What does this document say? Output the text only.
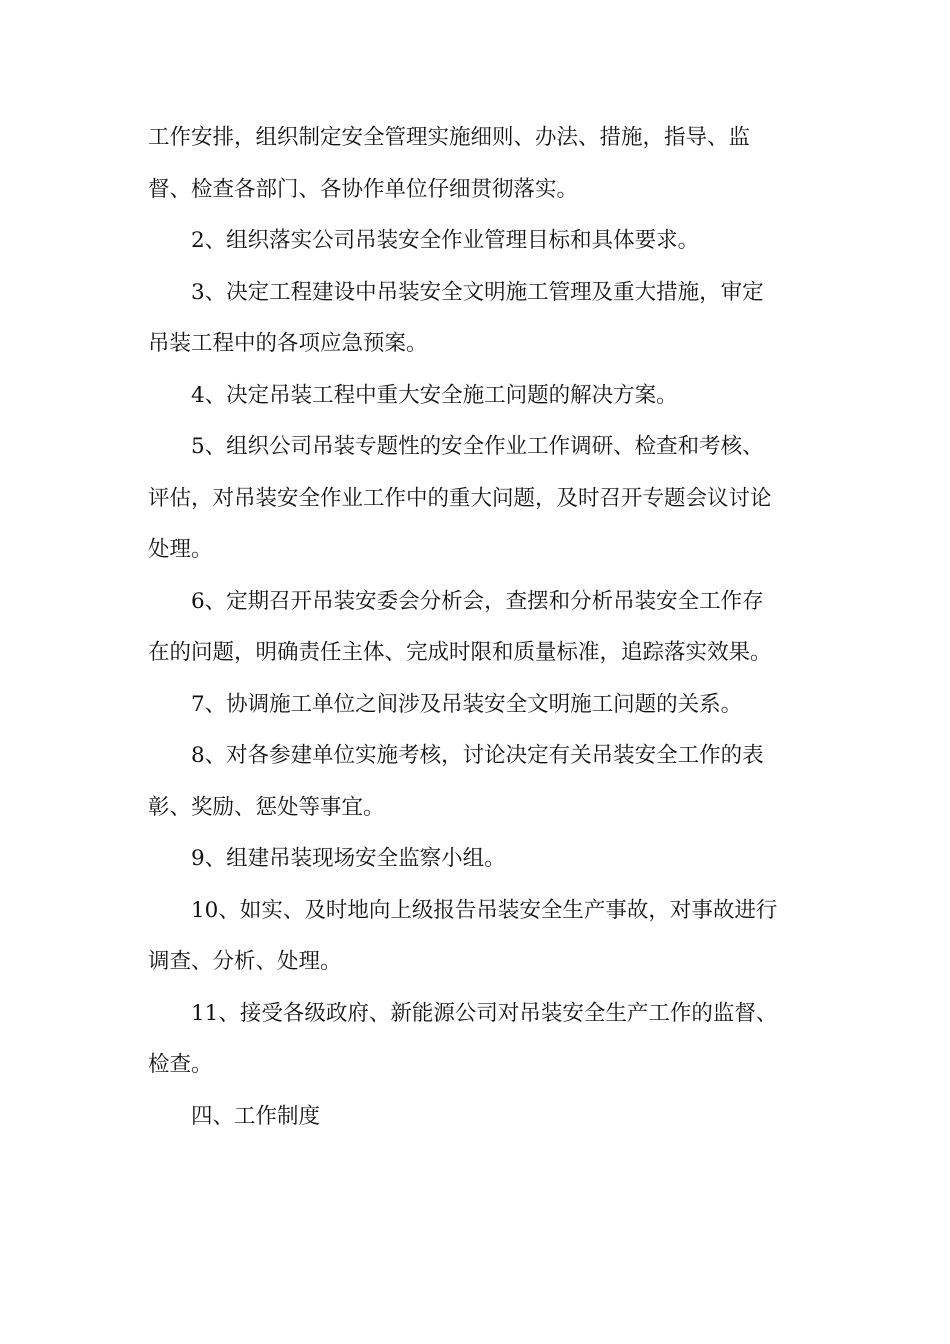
工作安排，组织制定安全管理实施细则、办法、措施，指导、监
督、检查各部门、各协作单位仔细贯彻落实。
2、组织落实公司吊装安全作业管理目标和具体要求。
3、决定工程建设中吊装安全文明施工管理及重大措施，审定
吊装工程中的各项应急预案。
4、决定吊装工程中重大安全施工问题的解决方案。
5、组织公司吊装专题性的安全作业工作调研、检查和考核、
评估，对吊装安全作业工作中的重大问题，及时召开专题会议讨论
处理。
6、定期召开吊装安委会分析会，查摆和分析吊装安全工作存
在的问题，明确责任主体、完成时限和质量标准，追踪落实效果。
7、协调施工单位之间涉及吊装安全文明施工问题的关系。
8、对各参建单位实施考核，讨论决定有关吊装安全工作的表
彰、奖励、惩处等事宜。
9、组建吊装现场安全监察小组。
10、如实、及时地向上级报告吊装安全生产事故，对事故进行
调查、分析、处理。
11、接受各级政府、新能源公司对吊装安全生产工作的监督、
检查。
四、工作制度
